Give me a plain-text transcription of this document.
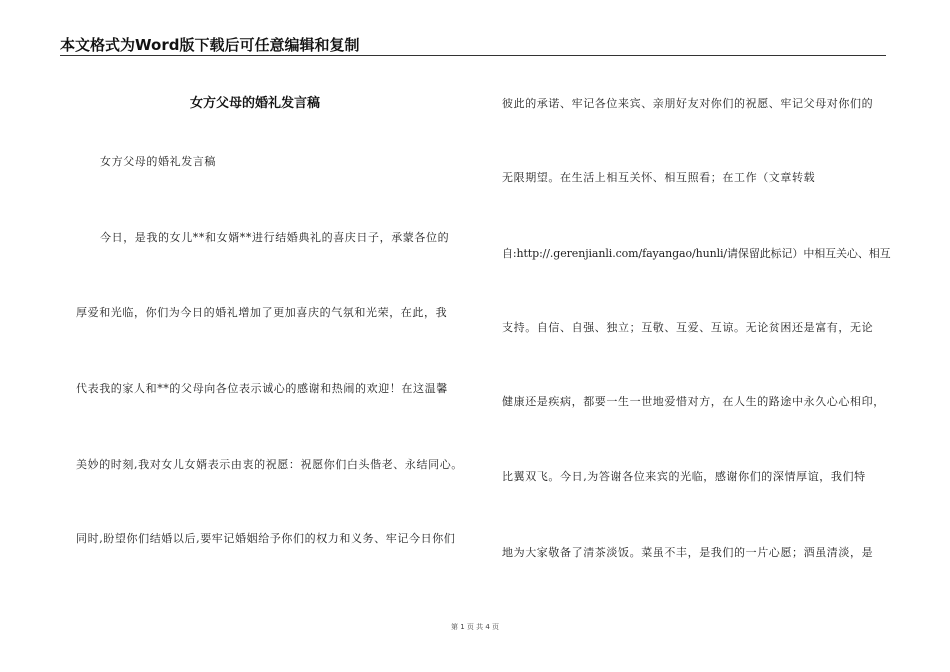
本文格式为Word版下载后可任意编辑和复制
女方父母的婚礼发言稿
女方父母的婚礼发言稿
今日，是我的女儿**和女婿**进行结婚典礼的喜庆日子，承蒙各位的
厚爱和光临，你们为今日的婚礼增加了更加喜庆的气氛和光荣，在此，我
代表我的家人和**的父母向各位表示诚心的感谢和热闹的欢迎！在这温馨
美妙的时刻,我对女儿女婿表示由衷的祝愿：祝愿你们白头偕老、永结同心。
同时,盼望你们结婚以后,要牢记婚姻给予你们的权力和义务、牢记今日你们
彼此的承诺、牢记各位来宾、亲朋好友对你们的祝愿、牢记父母对你们的
无限期望。在生活上相互关怀、相互照看；在工作（文章转载
自:http://.gerenjianli.com/fayangao/hunli/请保留此标记）中相互关心、相互
支持。自信、自强、独立；互敬、互爱、互谅。无论贫困还是富有，无论
健康还是疾病，都要一生一世地爱惜对方，在人生的路途中永久心心相印，
比翼双飞。今日,为答谢各位来宾的光临，感谢你们的深情厚谊，我们特
地为大家敬备了清茶淡饭。菜虽不丰，是我们的一片心愿；酒虽清淡，是
第 1 页 共 4 页
